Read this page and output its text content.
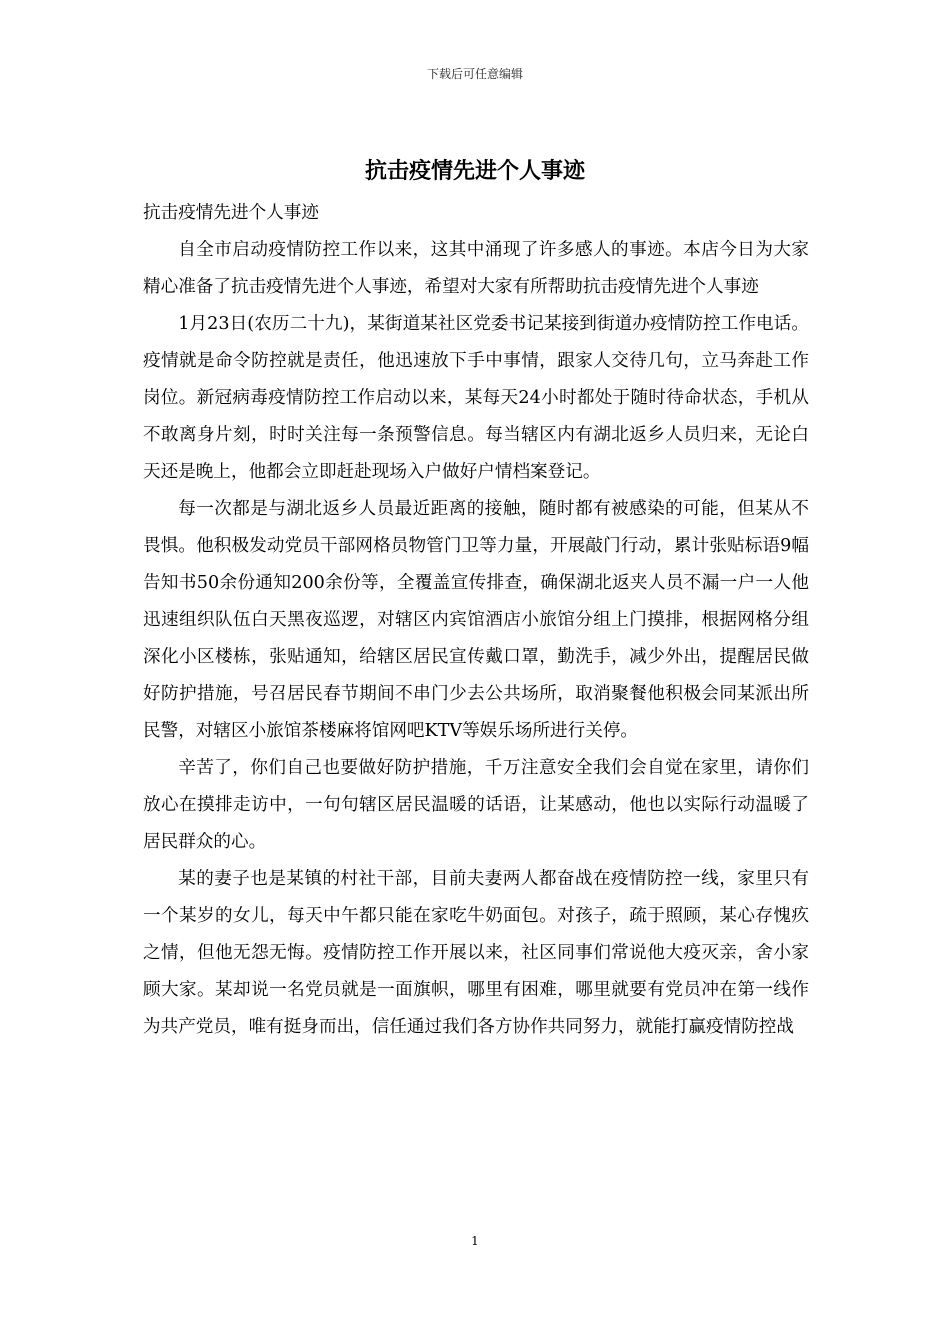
下载后可任意编辑
抗击疫情先进个人事迹

抗击疫情先进个人事迹

自全市启动疫情防控工作以来，这其中涌现了许多感人的事迹。本店今日为大家精心准备了抗击疫情先进个人事迹，希望对大家有所帮助抗击疫情先进个人事迹

1月23日(农历二十九)，某街道某社区党委书记某接到街道办疫情防控工作电话。疫情就是命令防控就是责任，他迅速放下手中事情，跟家人交待几句，立马奔赴工作岗位。新冠病毒疫情防控工作启动以来，某每天24小时都处于随时待命状态，手机从不敢离身片刻，时时关注每一条预警信息。每当辖区内有湖北返乡人员归来，无论白天还是晚上，他都会立即赶赴现场入户做好户情档案登记。

每一次都是与湖北返乡人员最近距离的接触，随时都有被感染的可能，但某从不畏惧。他积极发动党员干部网格员物管门卫等力量，开展敲门行动，累计张贴标语9幅告知书50余份通知200余份等，全覆盖宣传排查，确保湖北返夹人员不漏一户一人他迅速组织队伍白天黑夜巡逻，对辖区内宾馆酒店小旅馆分组上门摸排，根据网格分组深化小区楼栋，张贴通知，给辖区居民宣传戴口罩，勤洗手，减少外出，提醒居民做好防护措施，号召居民春节期间不串门少去公共场所，取消聚餐他积极会同某派出所民警，对辖区小旅馆茶楼麻将馆网吧KTV等娱乐场所进行关停。

辛苦了，你们自己也要做好防护措施，千万注意安全我们会自觉在家里，请你们放心在摸排走访中，一句句辖区居民温暖的话语，让某感动，他也以实际行动温暖了居民群众的心。

某的妻子也是某镇的村社干部，目前夫妻两人都奋战在疫情防控一线，家里只有一个某岁的女儿，每天中午都只能在家吃牛奶面包。对孩子，疏于照顾，某心存愧疚之情，但他无怨无悔。疫情防控工作开展以来，社区同事们常说他大疫灭亲，舍小家顾大家。某却说一名党员就是一面旗帜，哪里有困难，哪里就要有党员冲在第一线作为共产党员，唯有挺身而出，信任通过我们各方协作共同努力，就能打赢疫情防控战

1
